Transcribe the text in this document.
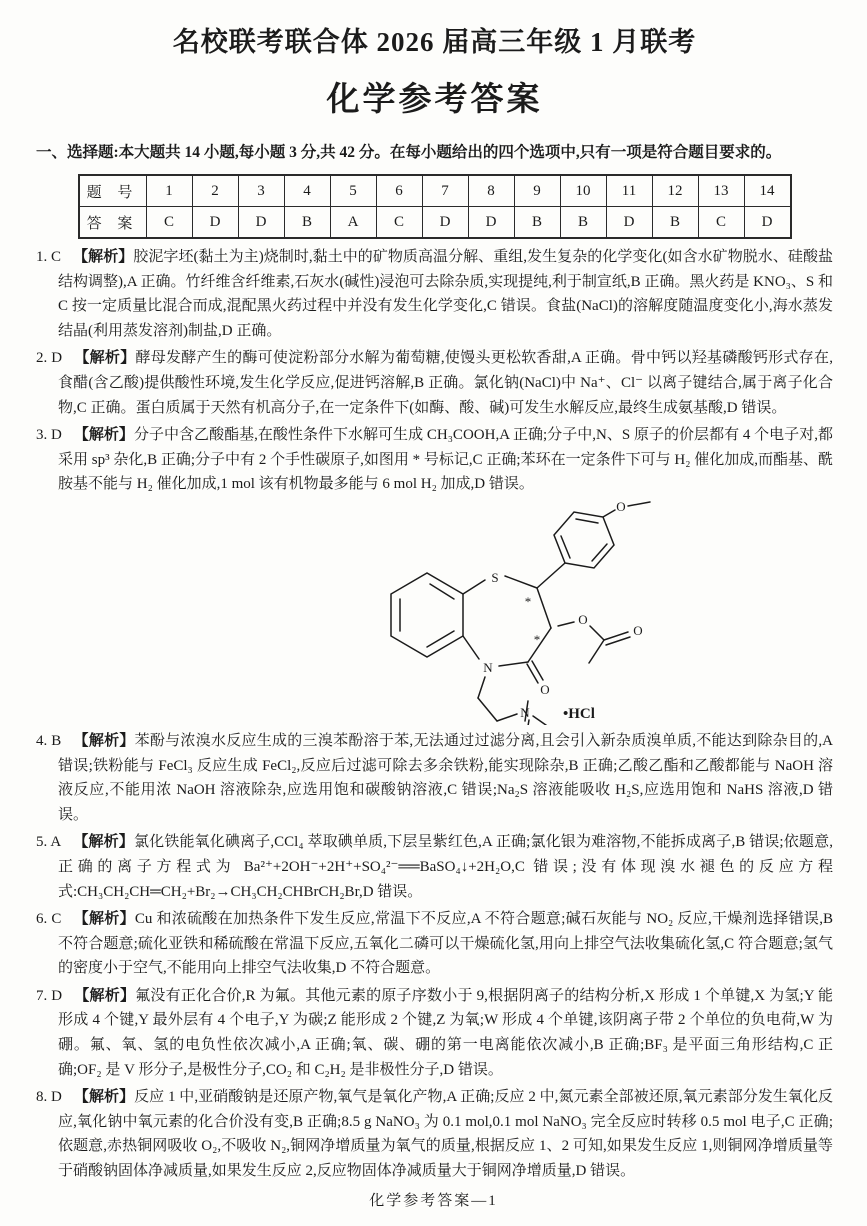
名校联考联合体 2026 届高三年级 1 月联考
化学参考答案
一、选择题:本大题共 14 小题,每小题 3 分,共 42 分。在每小题给出的四个选项中,只有一项是符合题目要求的。
题 号	1	2	3	4	5	6	7	8	9	10	11	12	13	14
答 案	C	D	D	B	A	C	D	D	B	B	D	B	C	D
1. C 【解析】胶泥字坯(黏土为主)烧制时,黏土中的矿物质高温分解、重组,发生复杂的化学变化(如含水矿物脱水、硅酸盐结构调整),A 正确。竹纤维含纤维素,石灰水(碱性)浸泡可去除杂质,实现提纯,利于制宣纸,B 正确。黑火药是 KNO₃、S 和 C 按一定质量比混合而成,混配黑火药过程中并没有发生化学变化,C 错误。食盐(NaCl)的溶解度随温度变化小,海水蒸发结晶(利用蒸发溶剂)制盐,D 正确。
2. D 【解析】酵母发酵产生的酶可使淀粉部分水解为葡萄糖,使馒头更松软香甜,A 正确。骨中钙以羟基磷酸钙形式存在,食醋(含乙酸)提供酸性环境,发生化学反应,促进钙溶解,B 正确。氯化钠(NaCl)中 Na⁺、Cl⁻ 以离子键结合,属于离子化合物,C 正确。蛋白质属于天然有机高分子,在一定条件下(如酶、酸、碱)可发生水解反应,最终生成氨基酸,D 错误。
3. D 【解析】分子中含乙酸酯基,在酸性条件下水解可生成 CH₃COOH,A 正确;分子中,N、S 原子的价层都有 4 个电子对,都采用 sp³ 杂化,B 正确;分子中有 2 个手性碳原子,如图用 * 号标记,C 正确;苯环在一定条件下可与 H₂ 催化加成,而酯基、酰胺基不能与 H₂ 催化加成,1 mol 该有机物最多能与 6 mol H₂ 加成,D 错误。
S
N
*
*
O
O
O
O
N •HCl
4. B 【解析】苯酚与浓溴水反应生成的三溴苯酚溶于苯,无法通过过滤分离,且会引入新杂质溴单质,不能达到除杂目的,A 错误;铁粉能与 FeCl₃ 反应生成 FeCl₂,反应后过滤可除去多余铁粉,能实现除杂,B 正确;乙酸乙酯和乙酸都能与 NaOH 溶液反应,不能用浓 NaOH 溶液除杂,应选用饱和碳酸钠溶液,C 错误;Na₂S 溶液能吸收 H₂S,应选用饱和 NaHS 溶液,D 错误。
5. A 【解析】氯化铁能氧化碘离子,CCl₄ 萃取碘单质,下层呈紫红色,A 正确;氯化银为难溶物,不能拆成离子,B 错误;依题意,正确的离子方程式为 Ba²⁺+2OH⁻+2H⁺+SO₄²⁻══BaSO₄↓+2H₂O,C 错误;没有体现溴水褪色的反应方程式:CH₃CH₂CH═CH₂+Br₂→CH₃CH₂CHBrCH₂Br,D 错误。
6. C 【解析】Cu 和浓硫酸在加热条件下发生反应,常温下不反应,A 不符合题意;碱石灰能与 NO₂ 反应,干燥剂选择错误,B 不符合题意;硫化亚铁和稀硫酸在常温下反应,五氧化二磷可以干燥硫化氢,用向上排空气法收集硫化氢,C 符合题意;氢气的密度小于空气,不能用向上排空气法收集,D 不符合题意。
7. D 【解析】氟没有正化合价,R 为氟。其他元素的原子序数小于 9,根据阴离子的结构分析,X 形成 1 个单键,X 为氢;Y 能形成 4 个键,Y 最外层有 4 个电子,Y 为碳;Z 能形成 2 个键,Z 为氧;W 形成 4 个单键,该阴离子带 2 个单位的负电荷,W 为硼。氟、氧、氢的电负性依次减小,A 正确;氧、碳、硼的第一电离能依次减小,B 正确;BF₃ 是平面三角形结构,C 正确;OF₂ 是 V 形分子,是极性分子,CO₂ 和 C₂H₂ 是非极性分子,D 错误。
8. D 【解析】反应 1 中,亚硝酸钠是还原产物,氧气是氧化产物,A 正确;反应 2 中,氮元素全部被还原,氧元素部分发生氧化反应,氧化钠中氧元素的化合价没有变,B 正确;8.5 g NaNO₃ 为 0.1 mol,0.1 mol NaNO₃ 完全反应时转移 0.5 mol 电子,C 正确;依题意,赤热铜网吸收 O₂,不吸收 N₂,铜网净增质量为氧气的质量,根据反应 1、2 可知,如果发生反应 1,则铜网净增质量等于硝酸钠固体净减质量,如果发生反应 2,反应物固体净减质量大于铜网净增质量,D 错误。
化学参考答案—1
